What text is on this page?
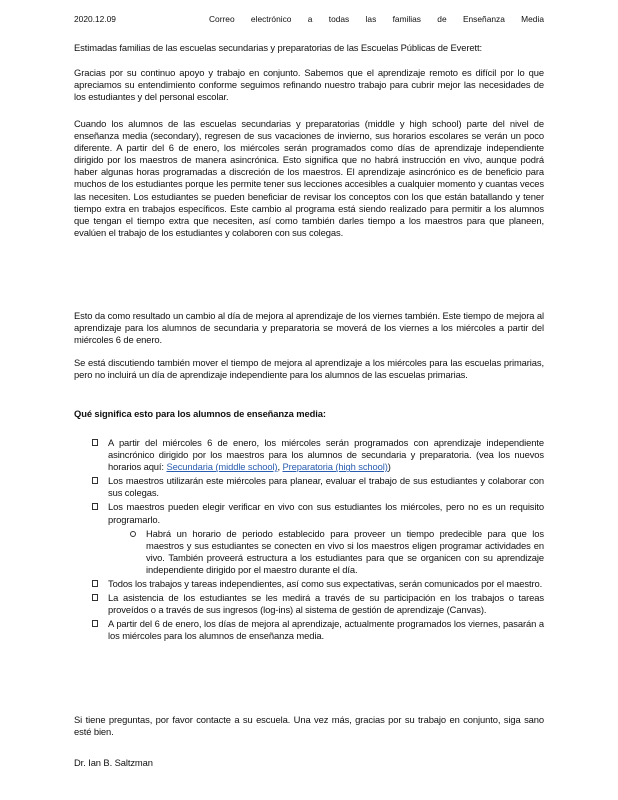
2020.12.09	Correo electrónico a todas las familias de Enseñanza Media

Estimadas familias de las escuelas secundarias y preparatorias de las Escuelas Públicas de Everett:

Gracias por su continuo apoyo y trabajo en conjunto. Sabemos que el aprendizaje remoto es difícil por lo que apreciamos su entendimiento conforme seguimos refinando nuestro trabajo para cubrir mejor las necesidades de los estudiantes y del personal escolar.

Cuando los alumnos de las escuelas secundarias y preparatorias (middle y high school) parte del nivel de enseñanza media (secondary), regresen de sus vacaciones de invierno, sus horarios escolares se verán un poco diferente. A partir del 6 de enero, los miércoles serán programados como días de aprendizaje independiente dirigido por los maestros de manera asincrónica. Esto significa que no habrá instrucción en vivo, aunque podrá haber algunas horas programadas a discreción de los maestros. El aprendizaje asincrónico es de beneficio para muchos de los estudiantes porque les permite tener sus lecciones accesibles a cualquier momento y cuantas veces las necesiten. Los estudiantes se pueden beneficiar de revisar los conceptos con los que están batallando y tener tiempo extra en trabajos específicos. Este cambio al programa está siendo realizado para permitir a los alumnos que tengan el tiempo extra que necesiten, así como también darles tiempo a los maestros para que planeen, evalúen el trabajo de los estudiantes y colaboren con sus colegas.

Esto da como resultado un cambio al día de mejora al aprendizaje de los viernes también. Este tiempo de mejora al aprendizaje para los alumnos de secundaria y preparatoria se moverá de los viernes a los miércoles a partir del miércoles 6 de enero.

Se está discutiendo también mover el tiempo de mejora al aprendizaje a los miércoles para las escuelas primarias, pero no incluirá un día de aprendizaje independiente para los alumnos de las escuelas primarias.

Qué significa esto para los alumnos de enseñanza media:

A partir del miércoles 6 de enero, los miércoles serán programados con aprendizaje independiente asincrónico dirigido por los maestros para los alumnos de secundaria y preparatoria. (vea los nuevos horarios aquí: Secundaria (middle school), Preparatoria (high school))
Los maestros utilizarán este miércoles para planear, evaluar el trabajo de sus estudiantes y colaborar con sus colegas.
Los maestros pueden elegir verificar en vivo con sus estudiantes los miércoles, pero no es un requisito programarlo.
Habrá un horario de periodo establecido para proveer un tiempo predecible para que los maestros y sus estudiantes se conecten en vivo si los maestros eligen programar actividades en vivo. También proveerá estructura a los estudiantes para que se organicen con su aprendizaje independiente dirigido por el maestro durante el día.
Todos los trabajos y tareas independientes, así como sus expectativas, serán comunicados por el maestro.
La asistencia de los estudiantes se les medirá a través de su participación en los trabajos o tareas proveídos o a través de sus ingresos (log-ins) al sistema de gestión de aprendizaje (Canvas).
A partir del 6 de enero, los días de mejora al aprendizaje, actualmente programados los viernes, pasarán a los miércoles para los alumnos de enseñanza media.

Si tiene preguntas, por favor contacte a su escuela. Una vez más, gracias por su trabajo en conjunto, siga sano esté bien.

Dr. Ian B. Saltzman
